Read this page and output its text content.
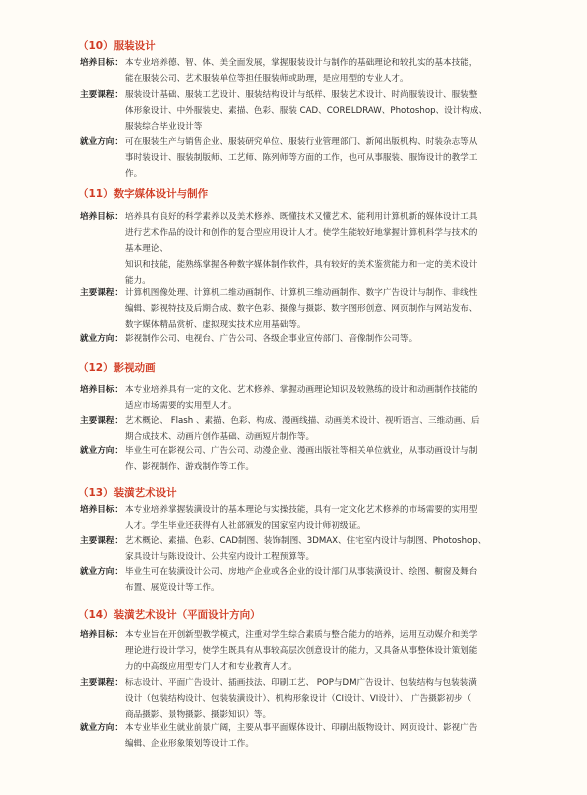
（10）服装设计
培养目标： 本专业培养德、智、体、美全面发展，掌握服装设计与制作的基础理论和较扎实的基本技能，
能在服装公司、艺术服装单位等担任服装师或助理，是应用型的专业人才。
主要课程： 服装设计基础、服装工艺设计、服装结构设计与纸样、服装艺术设计、时尚服装设计、服装整
体形象设计、中外服装史、素描、色彩、服装 CAD、CORELDRAW、Photoshop、设计构成、
服装综合毕业设计等
就业方向： 可在服装生产与销售企业、服装研究单位、服装行业管理部门、新闻出版机构、时装杂志等从
事时装设计、服装制版师、工艺师、陈列师等方面的工作，也可从事服装、服饰设计的教学工
作。
（11）数字媒体设计与制作
培养目标： 培养具有良好的科学素养以及美术修养、既懂技术又懂艺术、能利用计算机新的媒体设计工具
进行艺术作品的设计和创作的复合型应用设计人才。使学生能较好地掌握计算机科学与技术的
基本理论、
知识和技能，能熟练掌握各种数字媒体制作软件，具有较好的美术鉴赏能力和一定的美术设计
能力。
主要课程： 计算机图像处理、计算机二维动画制作、计算机三维动画制作、数字广告设计与制作、非线性
编辑、影视特技及后期合成、数字色彩、摄像与摄影、数字图形创意、网页制作与网站发布、
数字媒体精品赏析、虚拟现实技术应用基础等。
就业方向： 影视制作公司、电视台、广告公司、各级企事业宣传部门、音像制作公司等。
（12）影视动画
培养目标： 本专业培养具有一定的文化、艺术修养、掌握动画理论知识及较熟练的设计和动画制作技能的
适应市场需要的实用型人才。
主要课程： 艺术概论、 Flash 、素描、色彩、构成、漫画线描、动画美术设计、视听语言、三维动画、后
期合成技术、动画片创作基础、动画短片制作等。
就业方向： 毕业生可在影视公司、广告公司、动漫企业、漫画出版社等相关单位就业，从事动画设计与制
作、影视制作、游戏制作等工作。
（13）装潢艺术设计
培养目标： 本专业培养掌握装潢设计的基本理论与实操技能，具有一定文化艺术修养的市场需要的实用型
人才。学生毕业还获得有人社部颁发的国家室内设计师初级证。
主要课程： 艺术概论、素描、色彩、CAD制图、装饰制图、3DMAX、住宅室内设计与制图、Photoshop、
家具设计与陈设设计、公共室内设计工程预算等。
就业方向： 毕业生可在装潢设计公司、房地产企业或各企业的设计部门从事装潢设计、绘图、橱窗及舞台
布置、展览设计等工作。
（14）装潢艺术设计（平面设计方向）
培养目标： 本专业旨在开创新型教学模式，注重对学生综合素质与整合能力的培养，运用互动媒介和美学
理论进行设计学习，使学生既具有从事较高层次创意设计的能力，又具备从事整体设计策划能
力的中高级应用型专门人才和专业教育人才。
主要课程： 标志设计、平面广告设计、插画技法、印刷工艺、 POP与DM广告设计、包装结构与包装装潢
设计（包装结构设计、包装装潢设计）、机构形象设计（CI设计、VI设计）、 广告摄影初步（
商品摄影、景物摄影、摄影知识）等。
就业方向： 本专业毕业生就业前景广阔，主要从事平面媒体设计、印刷出版物设计、网页设计、影视广告
编辑、企业形象策划等设计工作。
